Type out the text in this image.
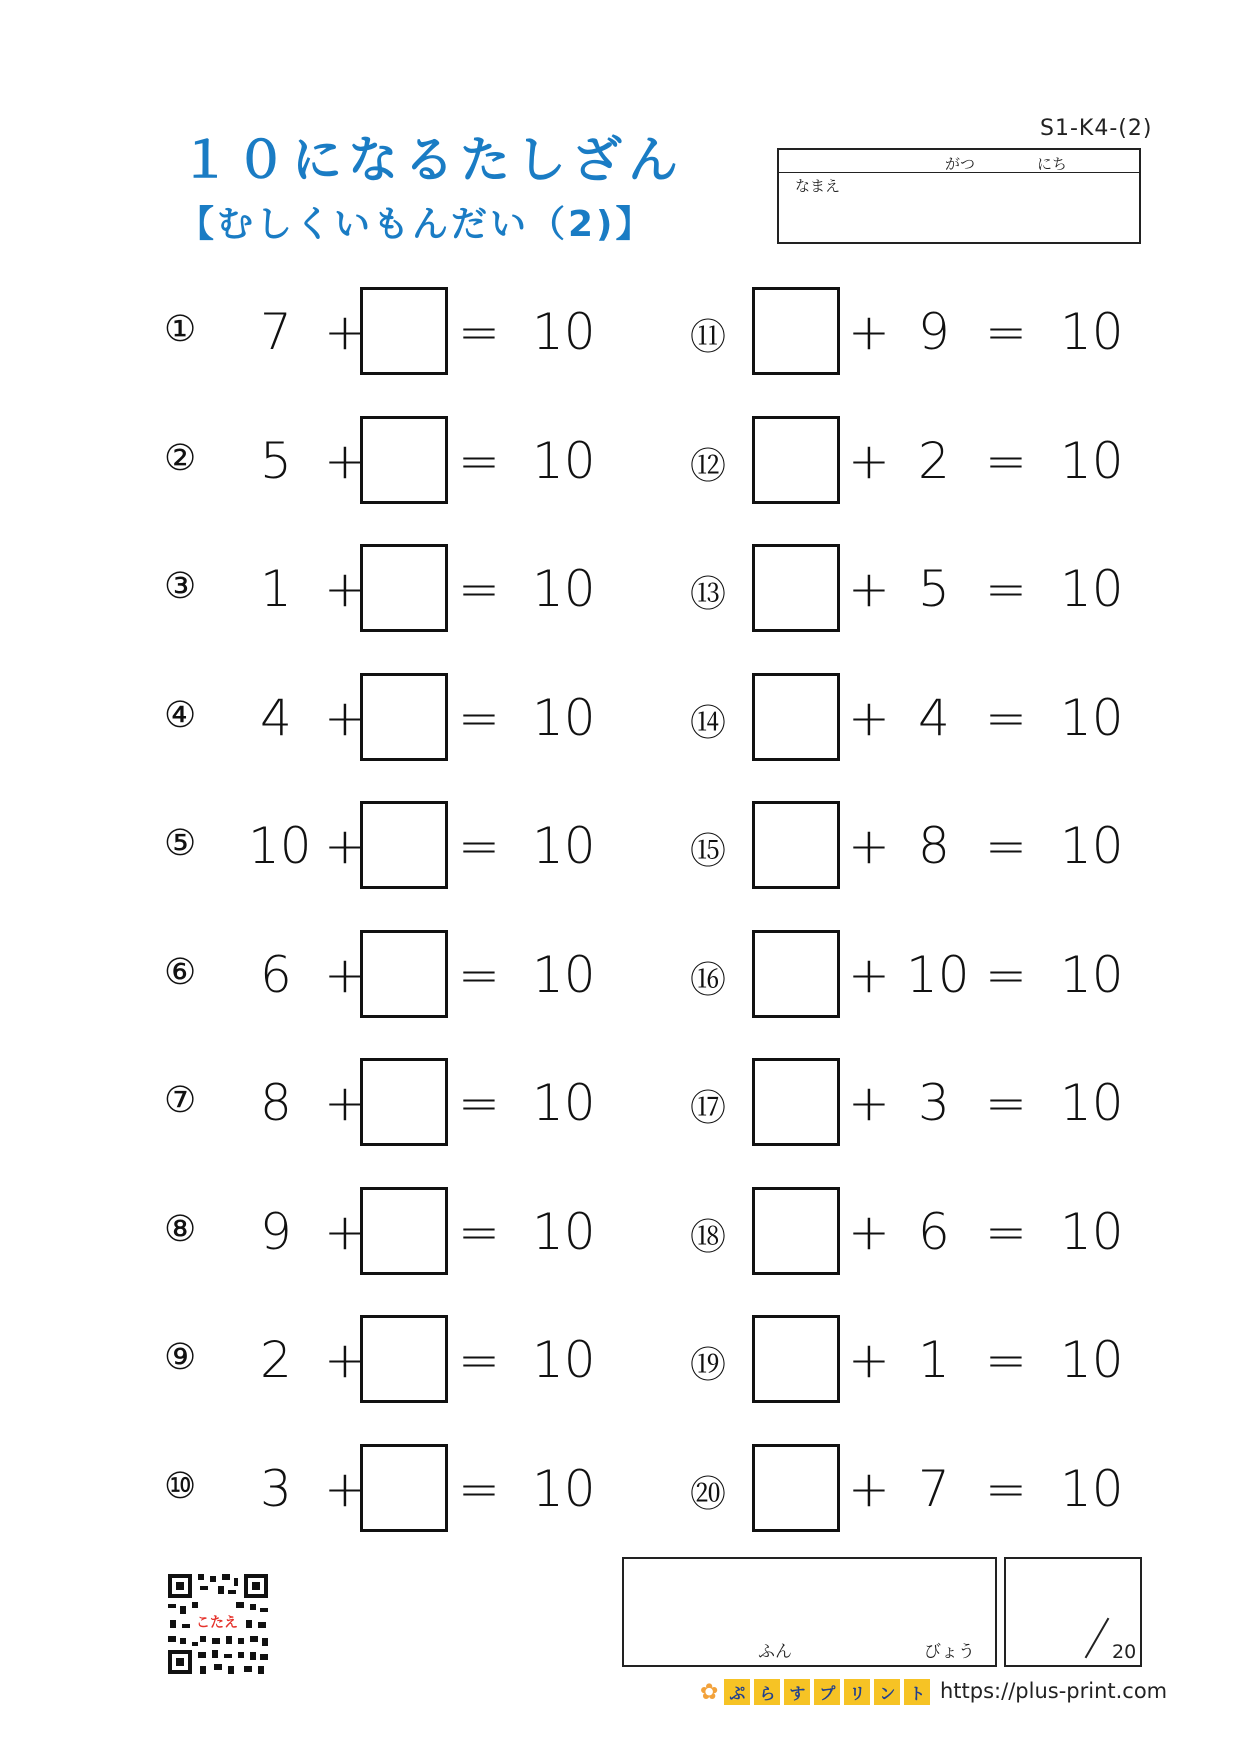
S1-K4-(2)
１０になるたしざん
【むしくいもんだい（2)】
がつ	にち
なまえ
① 7 + = 10
② 5 + = 10
③ 1 + = 10
④ 4 + = 10
⑤ 10 + = 10
⑥ 6 + = 10
⑦ 8 + = 10
⑧ 9 + = 10
⑨ 2 + = 10
⑩ 3 + = 10
⑪ + 9 = 10
⑫ + 2 = 10
⑬ + 5 = 10
⑭ + 4 = 10
⑮ + 8 = 10
⑯ + 10 = 10
⑰ + 3 = 10
⑱ + 6 = 10
⑲ + 1 = 10
⑳ + 7 = 10
ふん	びょう	20
こたえ
✿ ぷ ら す プ リ ン ト https://plus-print.com
